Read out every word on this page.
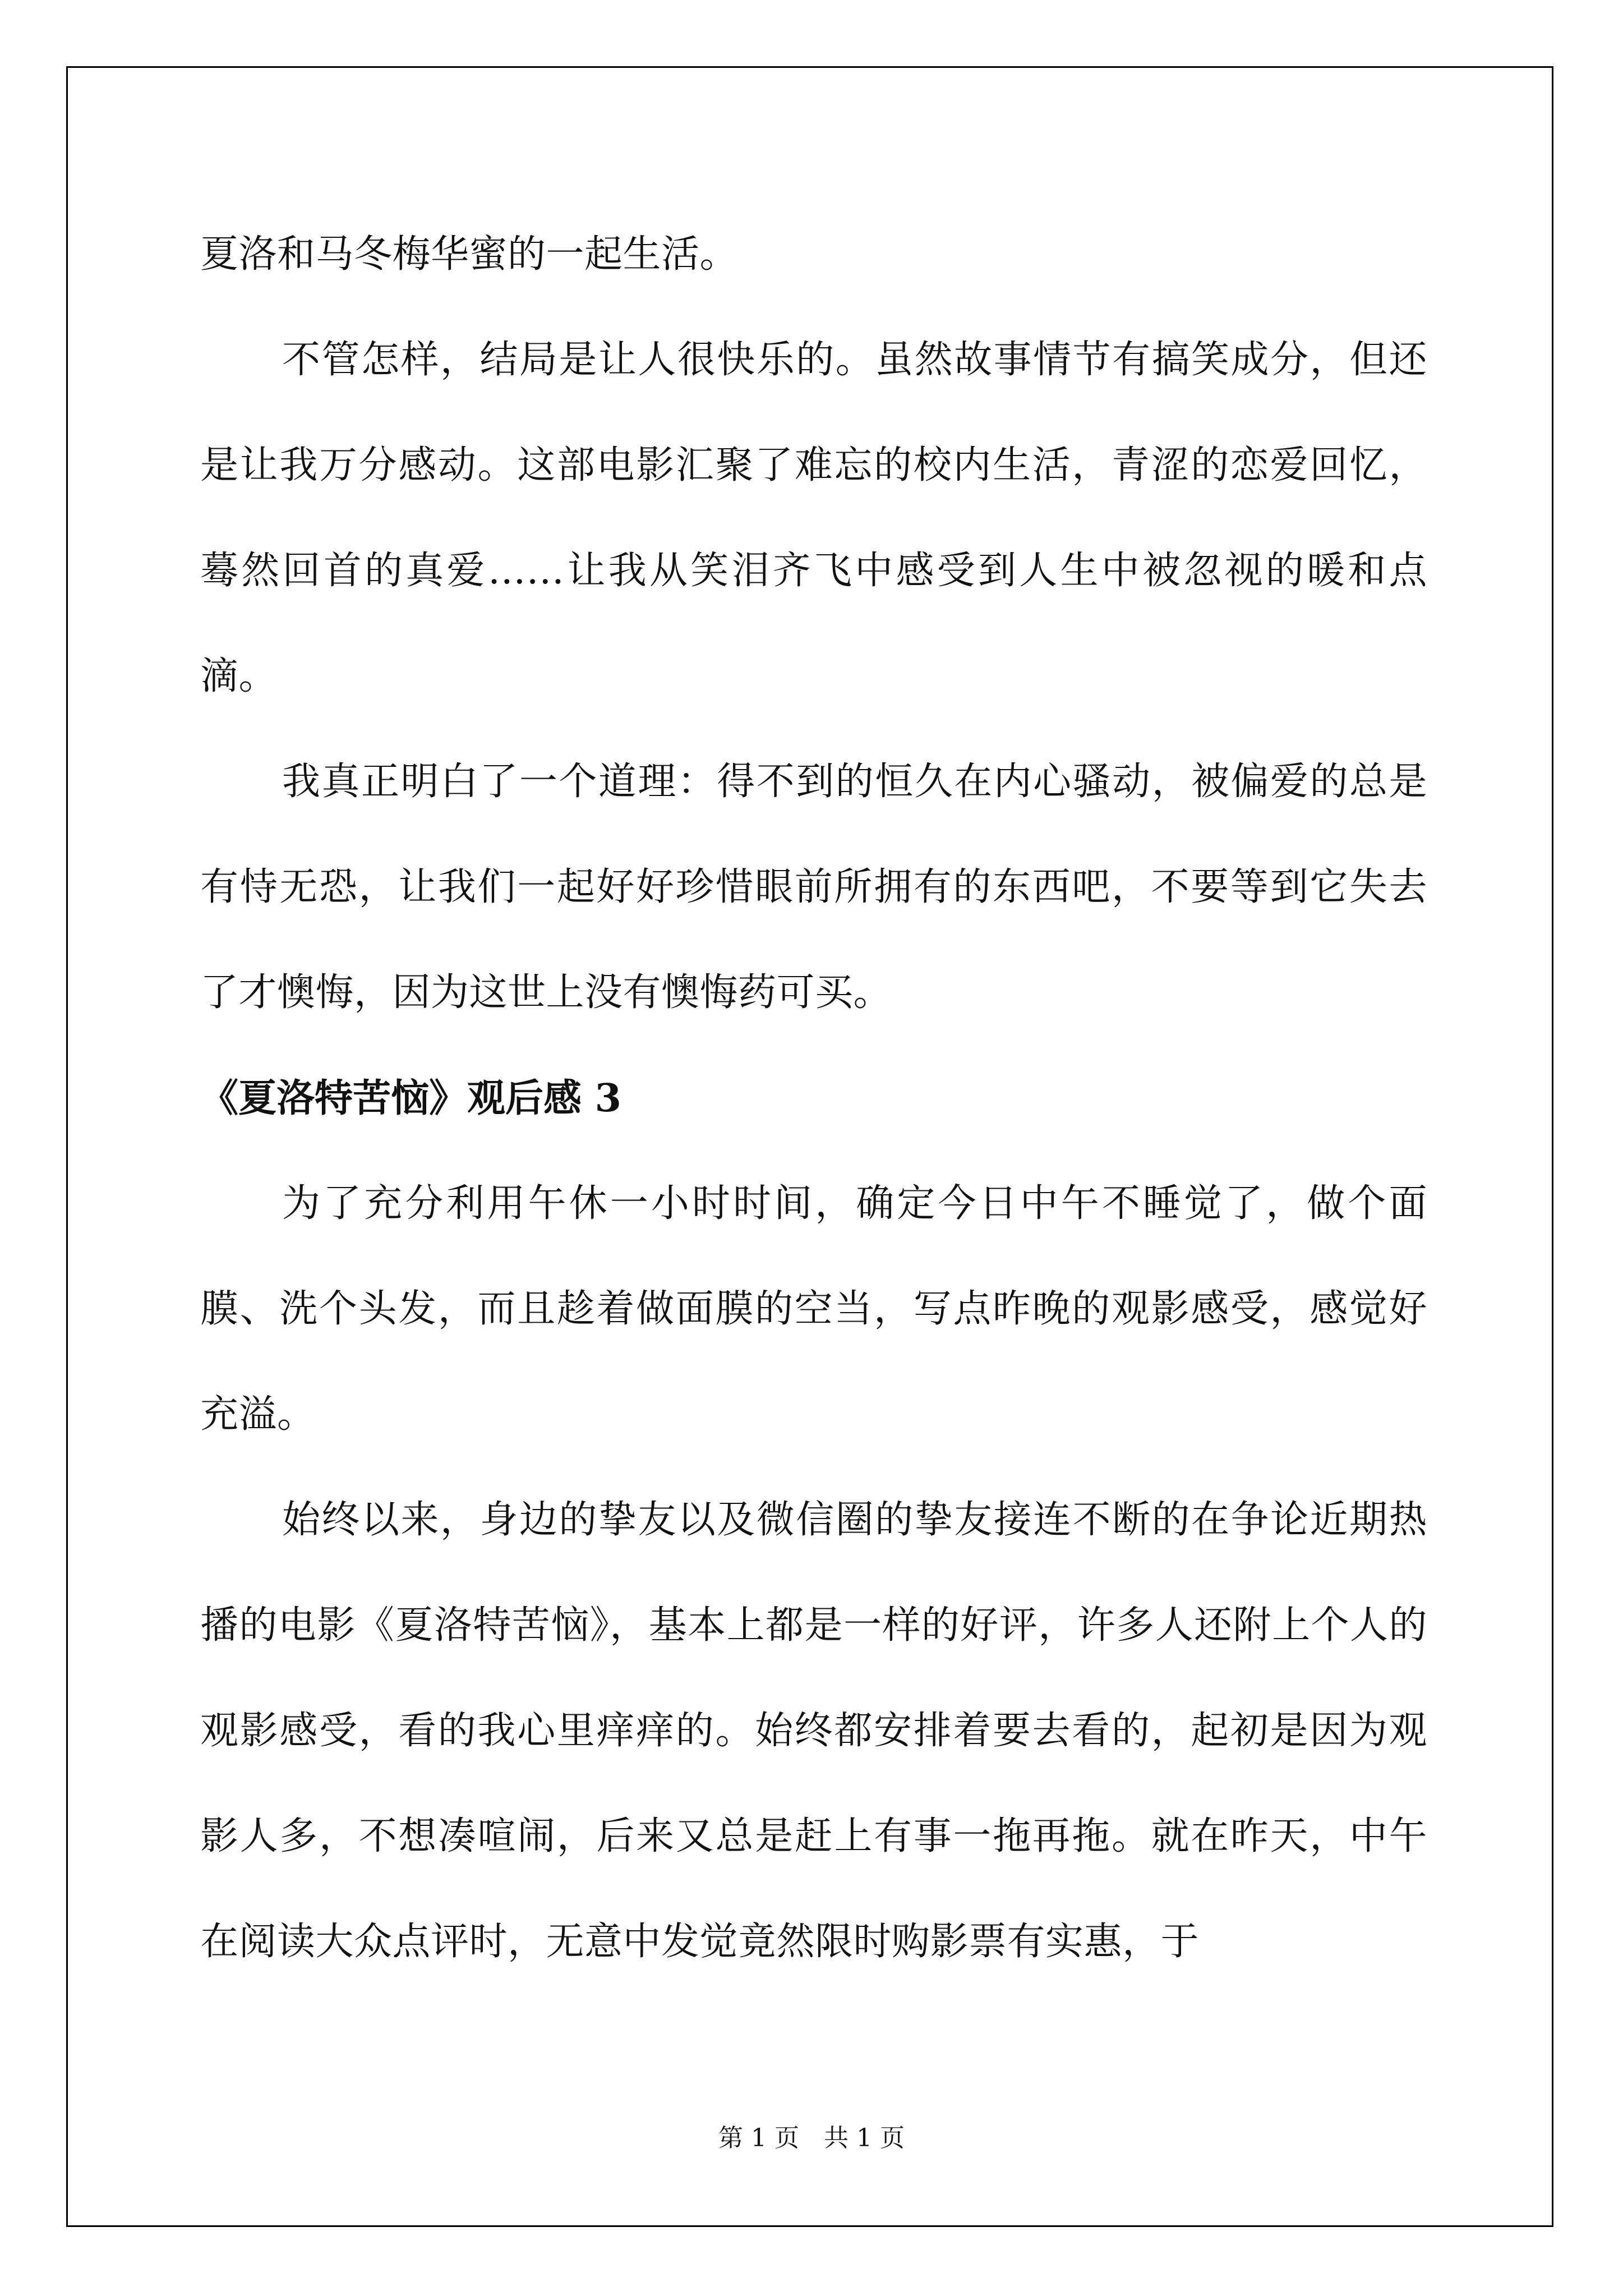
夏洛和马冬梅华蜜的一起生活。

不管怎样，结局是让人很快乐的。虽然故事情节有搞笑成分，但还是让我万分感动。这部电影汇聚了难忘的校内生活，青涩的恋爱回忆，蓦然回首的真爱……让我从笑泪齐飞中感受到人生中被忽视的暖和点滴。

我真正明白了一个道理：得不到的恒久在内心骚动，被偏爱的总是有恃无恐，让我们一起好好珍惜眼前所拥有的东西吧，不要等到它失去了才懊悔，因为这世上没有懊悔药可买。

《夏洛特苦恼》观后感 3

为了充分利用午休一小时时间，确定今日中午不睡觉了，做个面膜、洗个头发，而且趁着做面膜的空当，写点昨晚的观影感受，感觉好充溢。

始终以来，身边的挚友以及微信圈的挚友接连不断的在争论近期热播的电影《夏洛特苦恼》，基本上都是一样的好评，许多人还附上个人的观影感受，看的我心里痒痒的。始终都安排着要去看的，起初是因为观影人多，不想凑喧闹，后来又总是赶上有事一拖再拖。就在昨天，中午在阅读大众点评时，无意中发觉竟然限时购影票有实惠，于

第 1 页　共 1 页
